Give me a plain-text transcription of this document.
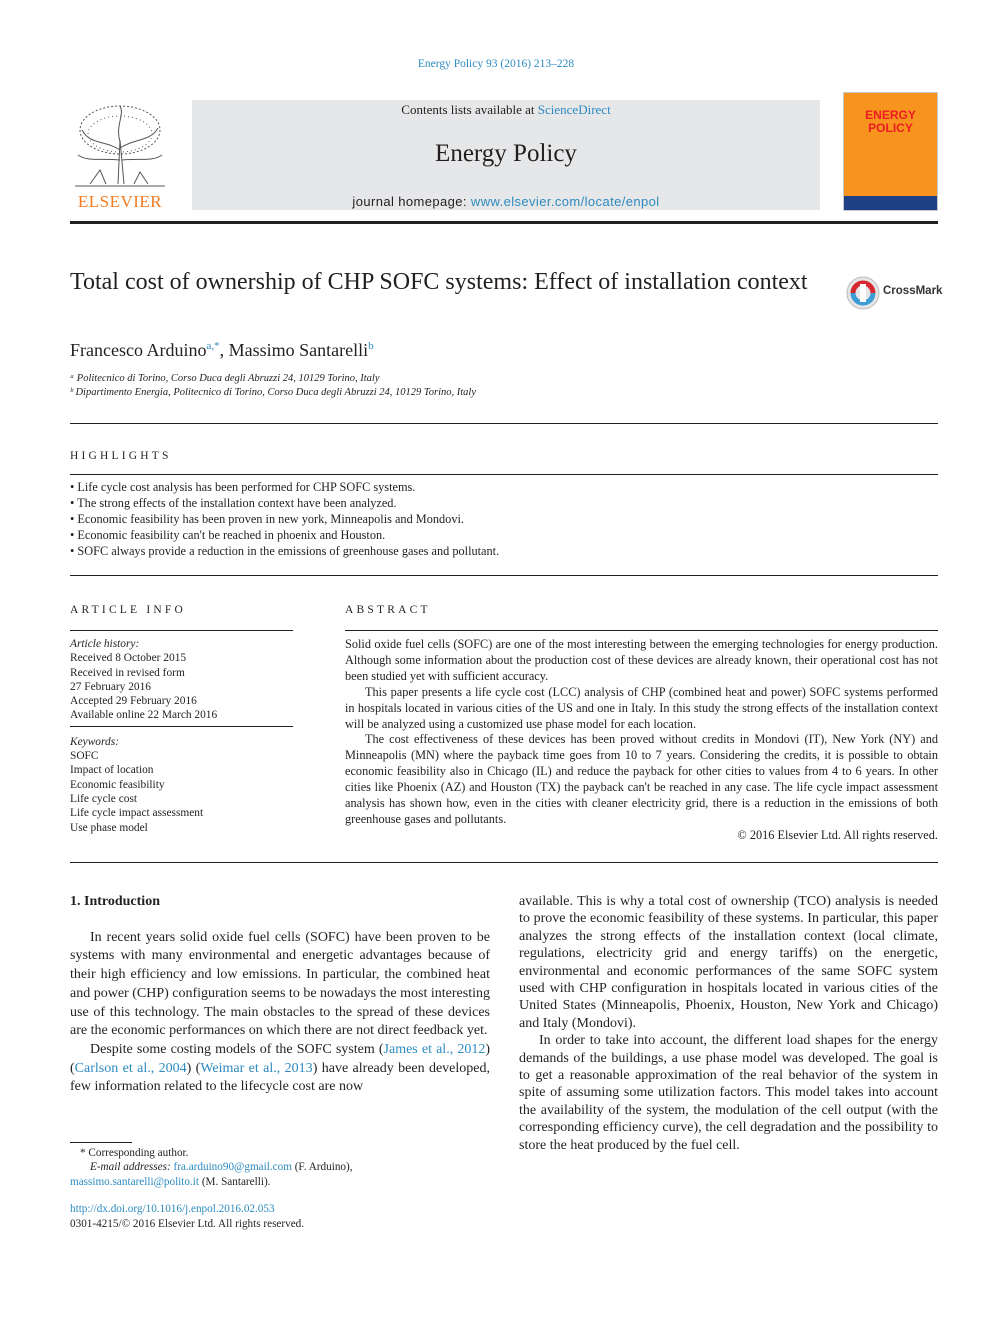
Energy Policy 93 (2016) 213–228
Contents lists available at ScienceDirect
Energy Policy
journal homepage: www.elsevier.com/locate/enpol
ELSEVIER
ENERGY
POLICY
Total cost of ownership of CHP SOFC systems: Effect of installation context	CrossMark
Francesco Arduino$^{a,*}$, Massimo Santarelli$^b$
ᵃ Politecnico di Torino, Corso Duca degli Abruzzi 24, 10129 Torino, Italy
ᵇ Dipartimento Energia, Politecnico di Torino, Corso Duca degli Abruzzi 24, 10129 Torino, Italy
HIGHLIGHTS
• Life cycle cost analysis has been performed for CHP SOFC systems.
• The strong effects of the installation context have been analyzed.
• Economic feasibility has been proven in new york, Minneapolis and Mondovi.
• Economic feasibility can't be reached in phoenix and Houston.
• SOFC always provide a reduction in the emissions of greenhouse gases and pollutant.
ARTICLE INFO
Article history:
Received 8 October 2015
Received in revised form
27 February 2016
Accepted 29 February 2016
Available online 22 March 2016
Keywords:
SOFC
Impact of location
Economic feasibility
Life cycle cost
Life cycle impact assessment
Use phase model
ABSTRACT

Solid oxide fuel cells (SOFC) are one of the most interesting between the emerging technologies for energy production. Although some information about the production cost of these devices are already known, their operational cost has not been studied yet with sufficient accuracy.

This paper presents a life cycle cost (LCC) analysis of CHP (combined heat and power) SOFC systems performed in hospitals located in various cities of the US and one in Italy. In this study the strong effects of the installation context will be analyzed using a customized use phase model for each location.

The cost effectiveness of these devices has been proved without credits in Mondovi (IT), New York (NY) and Minneapolis (MN) where the payback time goes from 10 to 7 years. Considering the credits, it is possible to obtain economic feasibility also in Chicago (IL) and reduce the payback for other cities to values from 4 to 6 years. In other cities like Phoenix (AZ) and Houston (TX) the payback can't be reached in any case. The life cycle impact assessment analysis has shown how, even in the cities with cleaner electricity grid, there is a reduction in the emissions of both greenhouse gases and pollutants.

© 2016 Elsevier Ltd. All rights reserved.

1. Introduction

In recent years solid oxide fuel cells (SOFC) have been proven to be systems with many environmental and energetic advantages because of their high efficiency and low emissions. In particular, the combined heat and power (CHP) configuration seems to be nowadays the most interesting use of this technology. The main obstacles to the spread of these devices are the economic performances on which there are not direct feedback yet.

Despite some costing models of the SOFC system (James et al., 2012) (Carlson et al., 2004) (Weimar et al., 2013) have already been developed, few information related to the lifecycle cost are now

available. This is why a total cost of ownership (TCO) analysis is needed to prove the economic feasibility of these systems. In particular, this paper analyzes the strong effects of the installation context (local climate, regulations, electricity grid and energy tariffs) on the energetic, environmental and economic performances of the same SOFC system used with CHP configuration in hospitals located in various cities of the United States (Minneapolis, Phoenix, Houston, New York and Chicago) and Italy (Mondovi).

In order to take into account, the different load shapes for the energy demands of the buildings, a use phase model was developed. The goal is to get a reasonable approximation of the real behavior of the system in spite of assuming some utilization factors. This model takes into account the availability of the system, the modulation of the cell output (with the corresponding efficiency curve), the cell degradation and the possibility to store the heat produced by the fuel cell.

* Corresponding author.
E-mail addresses: fra.arduino90@gmail.com (F. Arduino),
massimo.santarelli@polito.it (M. Santarelli).
http://dx.doi.org/10.1016/j.enpol.2016.02.053
0301-4215/© 2016 Elsevier Ltd. All rights reserved.
